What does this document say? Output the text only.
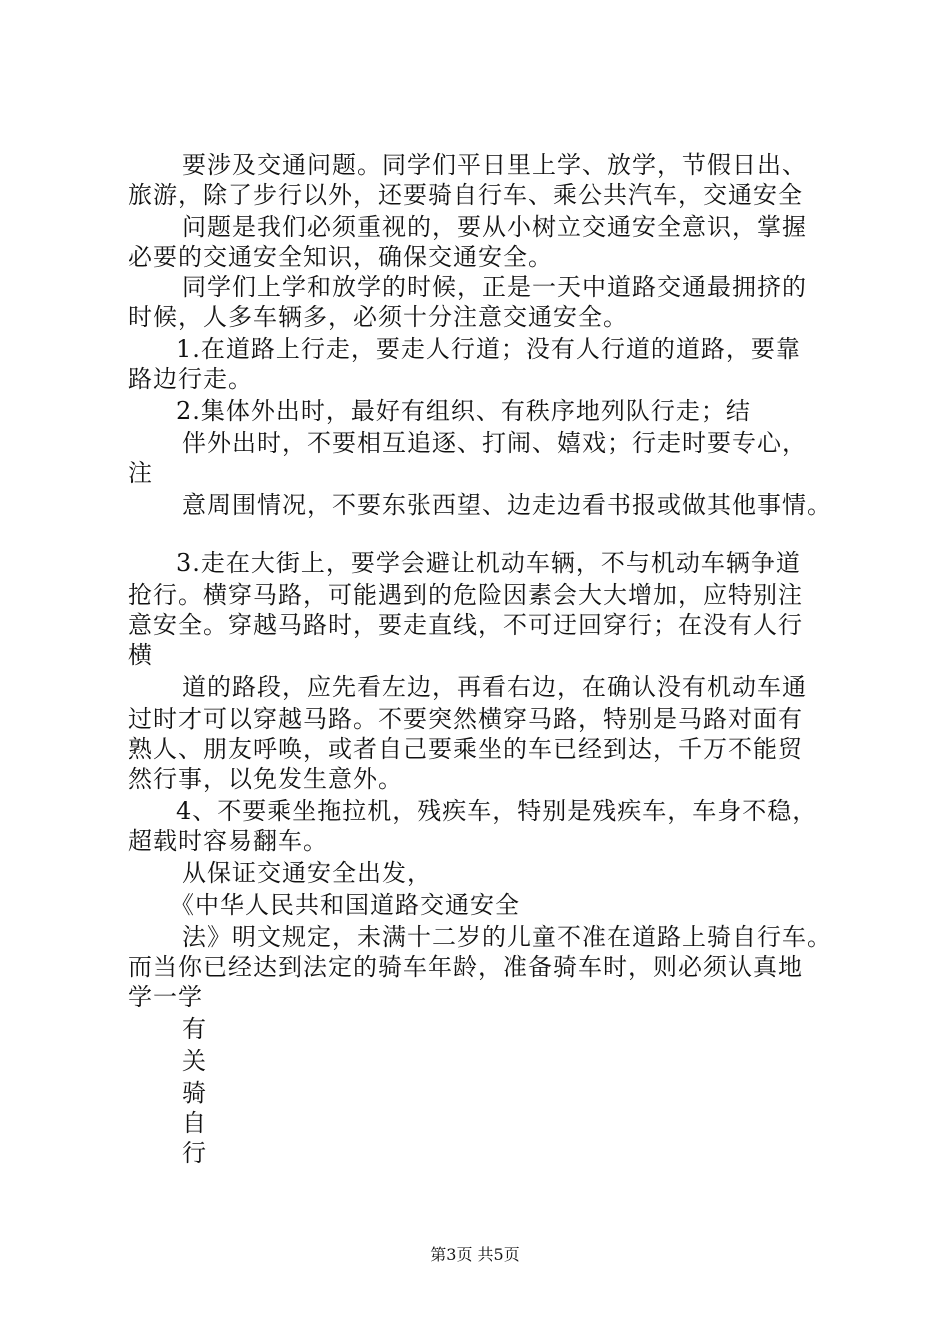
要涉及交通问题。同学们平日里上学、放学，节假日出、
旅游，除了步行以外，还要骑自行车、乘公共汽车，交通安全
问题是我们必须重视的，要从小树立交通安全意识，掌握
必要的交通安全知识，确保交通安全。
同学们上学和放学的时候，正是一天中道路交通最拥挤的
时候，人多车辆多，必须十分注意交通安全。
1.在道路上行走，要走人行道；没有人行道的道路，要靠
路边行走。
2.集体外出时，最好有组织、有秩序地列队行走；结
伴外出时，不要相互追逐、打闹、嬉戏；行走时要专心，
注
意周围情况，不要东张西望、边走边看书报或做其他事情。
3.走在大街上，要学会避让机动车辆，不与机动车辆争道
抢行。横穿马路，可能遇到的危险因素会大大增加，应特别注
意安全。穿越马路时，要走直线，不可迂回穿行；在没有人行
横
道的路段，应先看左边，再看右边，在确认没有机动车通
过时才可以穿越马路。不要突然横穿马路，特别是马路对面有
熟人、朋友呼唤，或者自己要乘坐的车已经到达，千万不能贸
然行事，以免发生意外。
4、不要乘坐拖拉机，残疾车，特别是残疾车，车身不稳，
超载时容易翻车。
从保证交通安全出发，
《中华人民共和国道路交通安全
法》明文规定，未满十二岁的儿童不准在道路上骑自行车。
而当你已经达到法定的骑车年龄，准备骑车时，则必须认真地
学一学
有
关
骑
自
行
第3页 共5页
